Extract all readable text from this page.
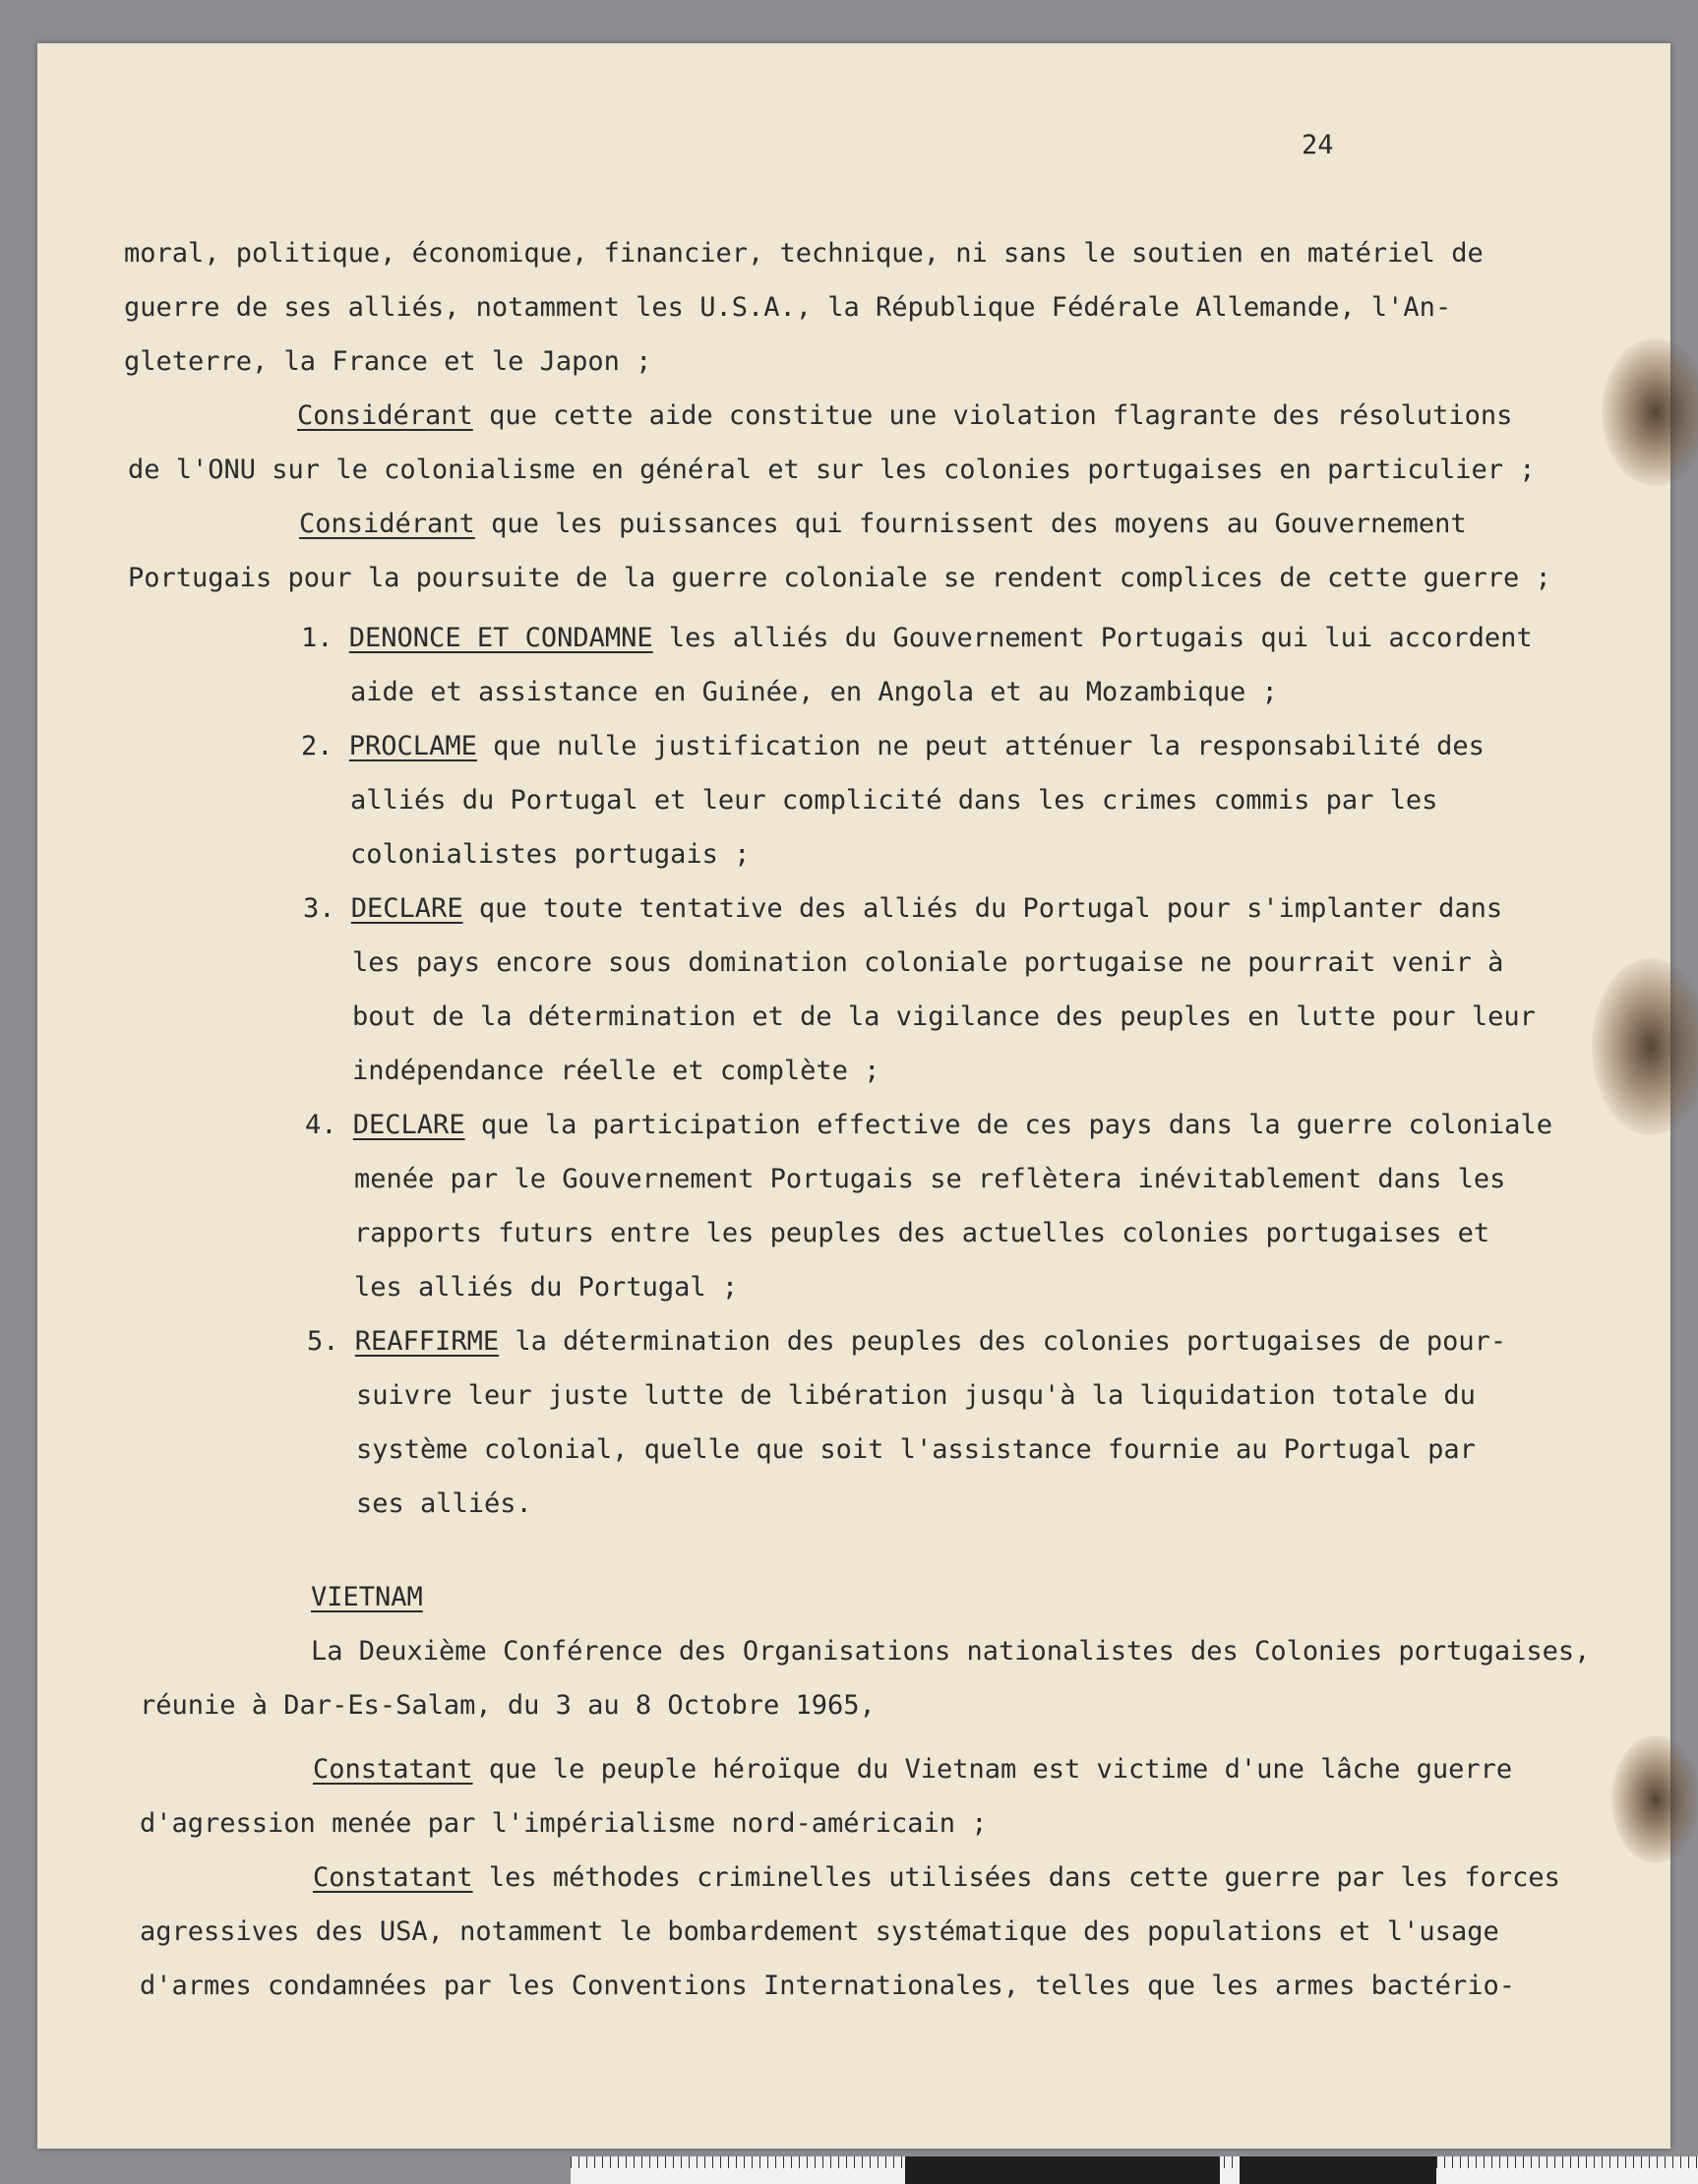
24
moral, politique, économique, financier, technique, ni sans le soutien en matériel de
guerre de ses alliés, notamment les U.S.A., la République Fédérale Allemande, l'An-
gleterre, la France et le Japon ;
Considérant que cette aide constitue une violation flagrante des résolutions
de l'ONU sur le colonialisme en général et sur les colonies portugaises en particulier ;
Considérant que les puissances qui fournissent des moyens au Gouvernement
Portugais pour la poursuite de la guerre coloniale se rendent complices de cette guerre ;
1. DENONCE ET CONDAMNE les alliés du Gouvernement Portugais qui lui accordent
aide et assistance en Guinée, en Angola et au Mozambique ;
2. PROCLAME que nulle justification ne peut atténuer la responsabilité des
alliés du Portugal et leur complicité dans les crimes commis par les
colonialistes portugais ;
3. DECLARE que toute tentative des alliés du Portugal pour s'implanter dans
les pays encore sous domination coloniale portugaise ne pourrait venir à
bout de la détermination et de la vigilance des peuples en lutte pour leur
indépendance réelle et complète ;
4. DECLARE que la participation effective de ces pays dans la guerre coloniale
menée par le Gouvernement Portugais se reflètera inévitablement dans les
rapports futurs entre les peuples des actuelles colonies portugaises et
les alliés du Portugal ;
5. REAFFIRME la détermination des peuples des colonies portugaises de pour-
suivre leur juste lutte de libération jusqu'à la liquidation totale du
système colonial, quelle que soit l'assistance fournie au Portugal par
ses alliés.
VIETNAM
La Deuxième Conférence des Organisations nationalistes des Colonies portugaises,
réunie à Dar-Es-Salam, du 3 au 8 Octobre 1965,
Constatant que le peuple héroïque du Vietnam est victime d'une lâche guerre
d'agression menée par l'impérialisme nord-américain ;
Constatant les méthodes criminelles utilisées dans cette guerre par les forces
agressives des USA, notamment le bombardement systématique des populations et l'usage
d'armes condamnées par les Conventions Internationales, telles que les armes bactério-
